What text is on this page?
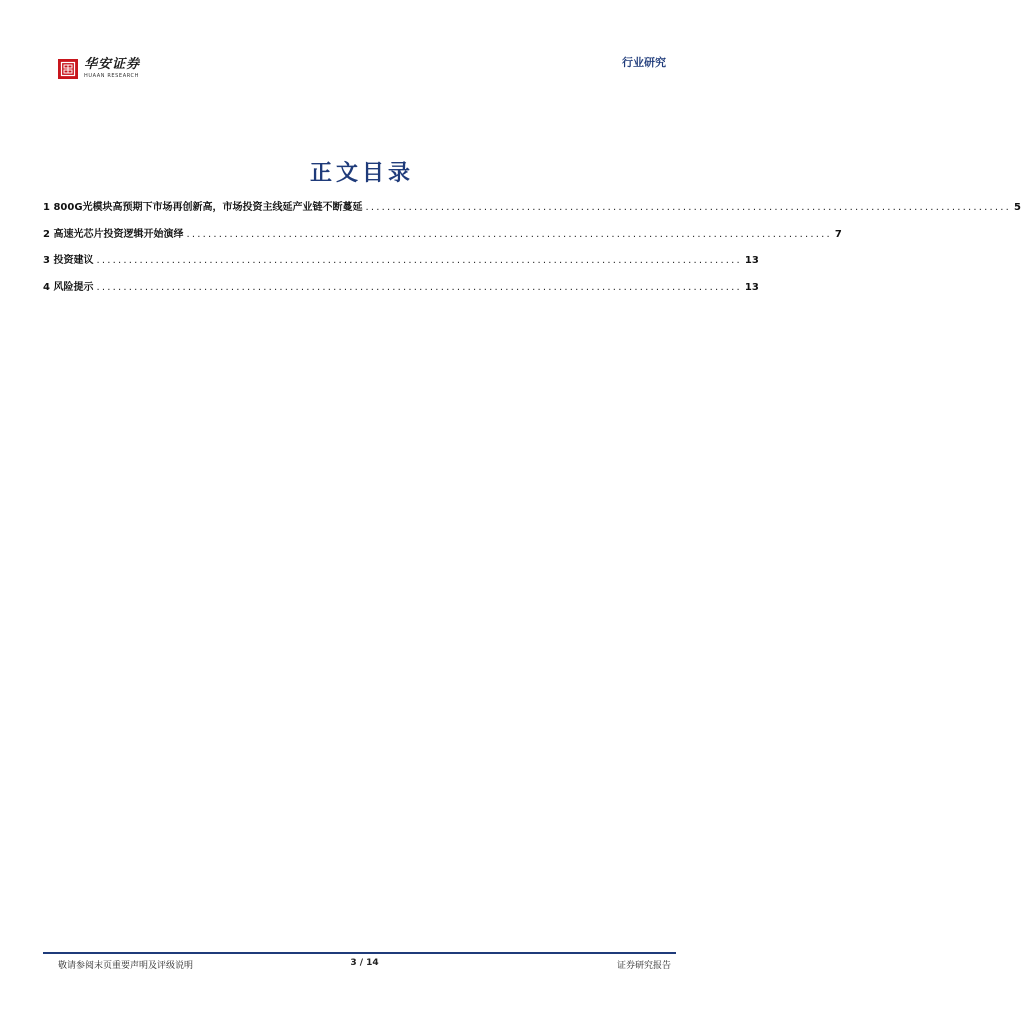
华安证券
HUAAN RESEARCH
行业研究
正文目录
1 800G光模块高预期下市场再创新高，市场投资主线延产业链不断蔓延 ........................................................................................................................ 5
2 高速光芯片投资逻辑开始演绎 ........................................................................................................................ 7
3 投资建议 ........................................................................................................................ 13
4 风险提示 ........................................................................................................................ 13
敬请参阅末页重要声明及评级说明	3 / 14	证券研究报告
